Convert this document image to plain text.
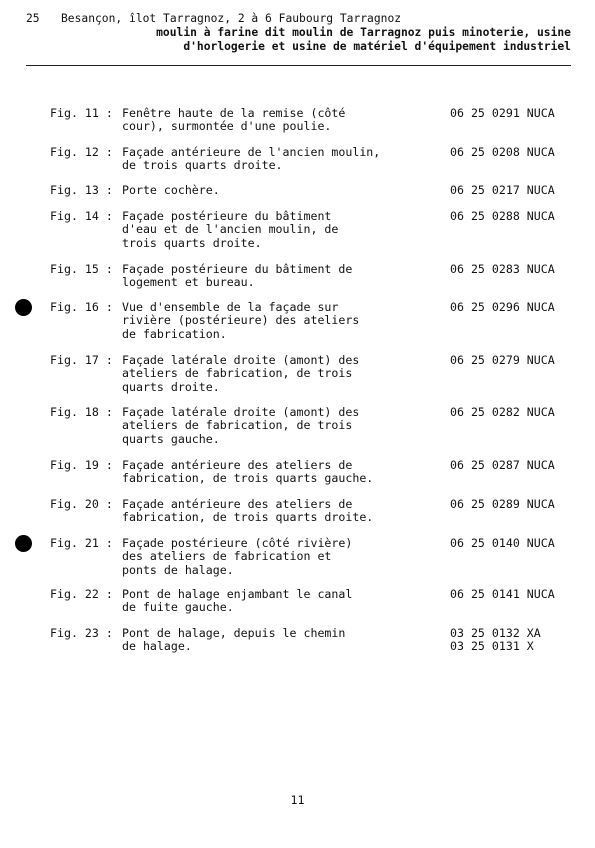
25 Besançon, îlot Tarragnoz, 2 à 6 Faubourg Tarragnoz
moulin à farine dit moulin de Tarragnoz puis minoterie, usine
d'horlogerie et usine de matériel d'équipement industriel
Fig. 11 : Fenêtre haute de la remise (côté
cour), surmontée d'une poulie.
06 25 0291 NUCA
Fig. 12 : Façade antérieure de l'ancien moulin,
de trois quarts droite.
06 25 0208 NUCA
Fig. 13 : Porte cochère.	06 25 0217 NUCA
Fig. 14 : Façade postérieure du bâtiment
d'eau et de l'ancien moulin, de
trois quarts droite.
06 25 0288 NUCA
Fig. 15 : Façade postérieure du bâtiment de
logement et bureau.
06 25 0283 NUCA
Fig. 16 : Vue d'ensemble de la façade sur
rivière (postérieure) des ateliers
de fabrication.
06 25 0296 NUCA
Fig. 17 : Façade latérale droite (amont) des
ateliers de fabrication, de trois
quarts droite.
06 25 0279 NUCA
Fig. 18 : Façade latérale droite (amont) des
ateliers de fabrication, de trois
quarts gauche.
06 25 0282 NUCA
Fig. 19 : Façade antérieure des ateliers de
fabrication, de trois quarts gauche.
06 25 0287 NUCA
Fig. 20 : Façade antérieure des ateliers de
fabrication, de trois quarts droite.
06 25 0289 NUCA
Fig. 21 : Façade postérieure (côté rivière)
des ateliers de fabrication et
ponts de halage.
06 25 0140 NUCA
Fig. 22 : Pont de halage enjambant le canal
de fuite gauche.
06 25 0141 NUCA
Fig. 23 : Pont de halage, depuis le chemin
de halage.
03 25 0132 XA
03 25 0131 X
11
